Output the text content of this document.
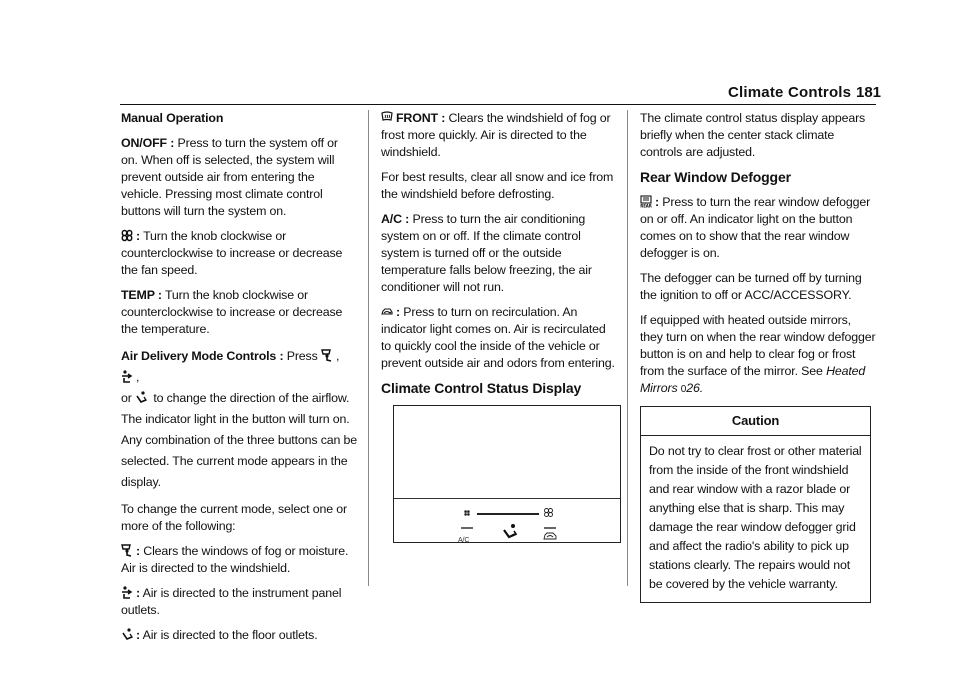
Climate Controls 181

Manual Operation

ON/OFF : Press to turn the system off or on. When off is selected, the system will prevent outside air from entering the vehicle. Pressing most climate control buttons will turn the system on.

: Turn the knob clockwise or counterclockwise to increase or decrease the fan speed.

TEMP : Turn the knob clockwise or counterclockwise to increase or decrease the temperature.

Air Delivery Mode Controls : Press ,
,
or to change the direction of the airflow. The indicator light in the button will turn on. Any combination of the three buttons can be selected. The current mode appears in the display.

To change the current mode, select one or more of the following:

: Clears the windows of fog or moisture. Air is directed to the windshield.

: Air is directed to the instrument panel outlets.

: Air is directed to the floor outlets.

FRONT : Clears the windshield of fog or frost more quickly. Air is directed to the windshield.

For best results, clear all snow and ice from the windshield before defrosting.

A/C : Press to turn the air conditioning system on or off. If the climate control system is turned off or the outside temperature falls below freezing, the air conditioner will not run.

: Press to turn on recirculation. An indicator light comes on. Air is recirculated to quickly cool the inside of the vehicle or prevent outside air and odors from entering.

Climate Control Status Display
A/C

The climate control status display appears briefly when the center stack climate controls are adjusted.

Rear Window Defogger

REAR : Press to turn the rear window defogger on or off. An indicator light on the button comes on to show that the rear window defogger is on.

The defogger can be turned off by turning the ignition to off or ACC/ACCESSORY.

If equipped with heated outside mirrors, they turn on when the rear window defogger button is on and help to clear fog or frost from the surface of the mirror. See Heated Mirrors 026.

Caution
Do not try to clear frost or other material from the inside of the front windshield and rear window with a razor blade or anything else that is sharp. This may damage the rear window defogger grid and affect the radio's ability to pick up stations clearly. The repairs would not be covered by the vehicle warranty.
